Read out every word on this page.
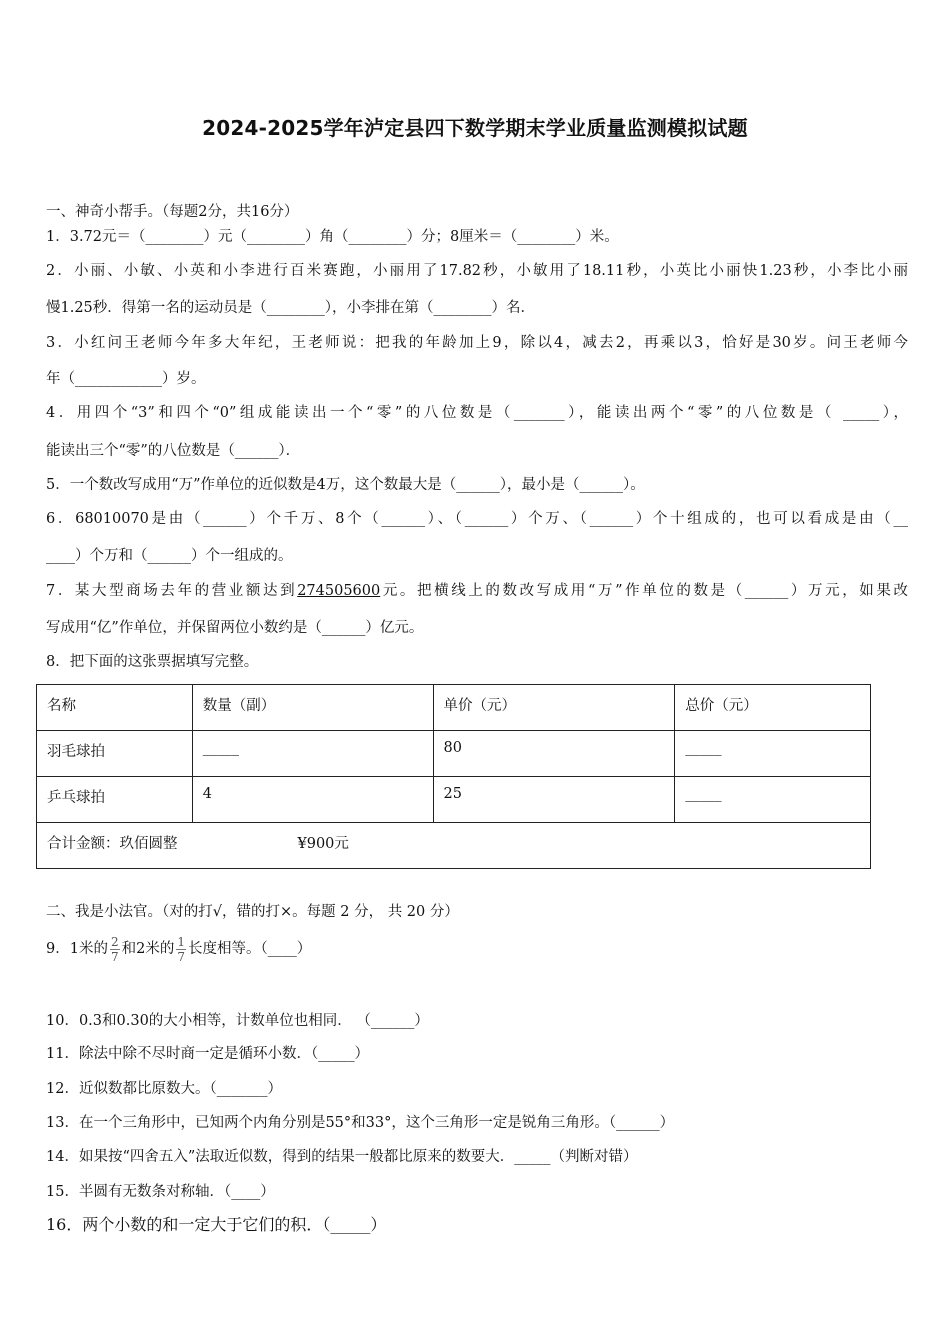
2024-2025学年泸定县四下数学期末学业质量监测模拟试题
一、神奇小帮手。（每题2分，共16分）
1．3.72元＝（________）元（________）角（________）分；8厘米＝（________）米。
2．小丽、小敏、小英和小李进行百米赛跑，小丽用了17.82秒，小敏用了18.11秒，小英比小丽快1.23秒，小李比小丽
慢1.25秒．得第一名的运动员是（________），小李排在第（________）名．
3．小红问王老师今年多大年纪，王老师说：把我的年龄加上9，除以4，减去2，再乘以3，恰好是30岁。问王老师今
年（____________）岁。
4．用四个“3”和四个“0”组成能读出一个“零”的八位数是（_______），能读出两个“零”的八位数是（ _____），
能读出三个“零”的八位数是（______）．
5．一个数改写成用“万”作单位的近似数是4万，这个数最大是（______），最小是（______）。
6．68010070是由（______）个千万、8个（______）、（______）个万、（______）个十组成的，也可以看成是由（__
____）个万和（______）个一组成的。
7．某大型商场去年的营业额达到274505600元。把横线上的数改写成用“万”作单位的数是（______）万元，如果改
写成用“亿”作单位，并保留两位小数约是（______）亿元。
8．把下面的这张票据填写完整。
名称	数量（副）	单价（元）	总价（元）
羽毛球拍	_____	80	_____
乒乓球拍	4	25	_____
合计金额：玖佰圆整 ¥900元			
二、我是小法官。（对的打√，错的打×。每题 2 分， 共 20 分）
9．1米的 $\frac{2}{7}$ 和2米的 $\frac{1}{7}$ 长度相等。（____）
10．0.3和0.30的大小相等，计数单位也相同． （______）
11．除法中除不尽时商一定是循环小数．（_____）
12．近似数都比原数大。（_______）
13．在一个三角形中，已知两个内角分别是55°和33°，这个三角形一定是锐角三角形。（______）
14．如果按“四舍五入”法取近似数，得到的结果一般都比原来的数要大．_____（判断对错）
15．半圆有无数条对称轴．（____）
16．两个小数的和一定大于它们的积．（_____）
